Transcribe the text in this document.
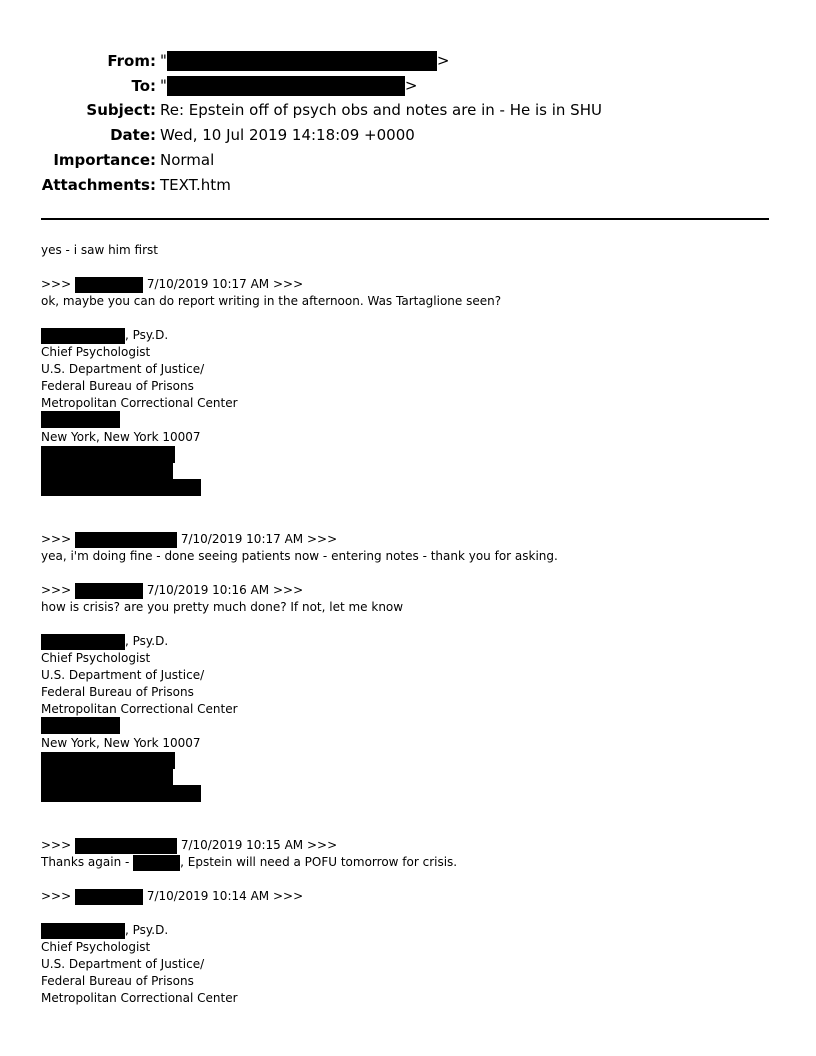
From: "	>
To: "	>
Subject: Re: Epstein off of psych obs and notes are in - He is in SHU
Date: Wed, 10 Jul 2019 14:18:09 +0000
Importance: Normal
Attachments: TEXT.htm
yes - i saw him first
>>>	7/10/2019 10:17 AM >>>
ok, maybe you can do report writing in the afternoon. Was Tartaglione seen?
, Psy.D.
Chief Psychologist
U.S. Department of Justice/
Federal Bureau of Prisons
Metropolitan Correctional Center
New York, New York 10007
>>>	7/10/2019 10:17 AM >>>
yea, i'm doing fine - done seeing patients now - entering notes - thank you for asking.
>>>	7/10/2019 10:16 AM >>>
how is crisis? are you pretty much done? If not, let me know
, Psy.D.
Chief Psychologist
U.S. Department of Justice/
Federal Bureau of Prisons
Metropolitan Correctional Center
New York, New York 10007
>>>	7/10/2019 10:15 AM >>>
Thanks again -	, Epstein will need a POFU tomorrow for crisis.
>>>	7/10/2019 10:14 AM >>>
, Psy.D.
Chief Psychologist
U.S. Department of Justice/
Federal Bureau of Prisons
Metropolitan Correctional Center
